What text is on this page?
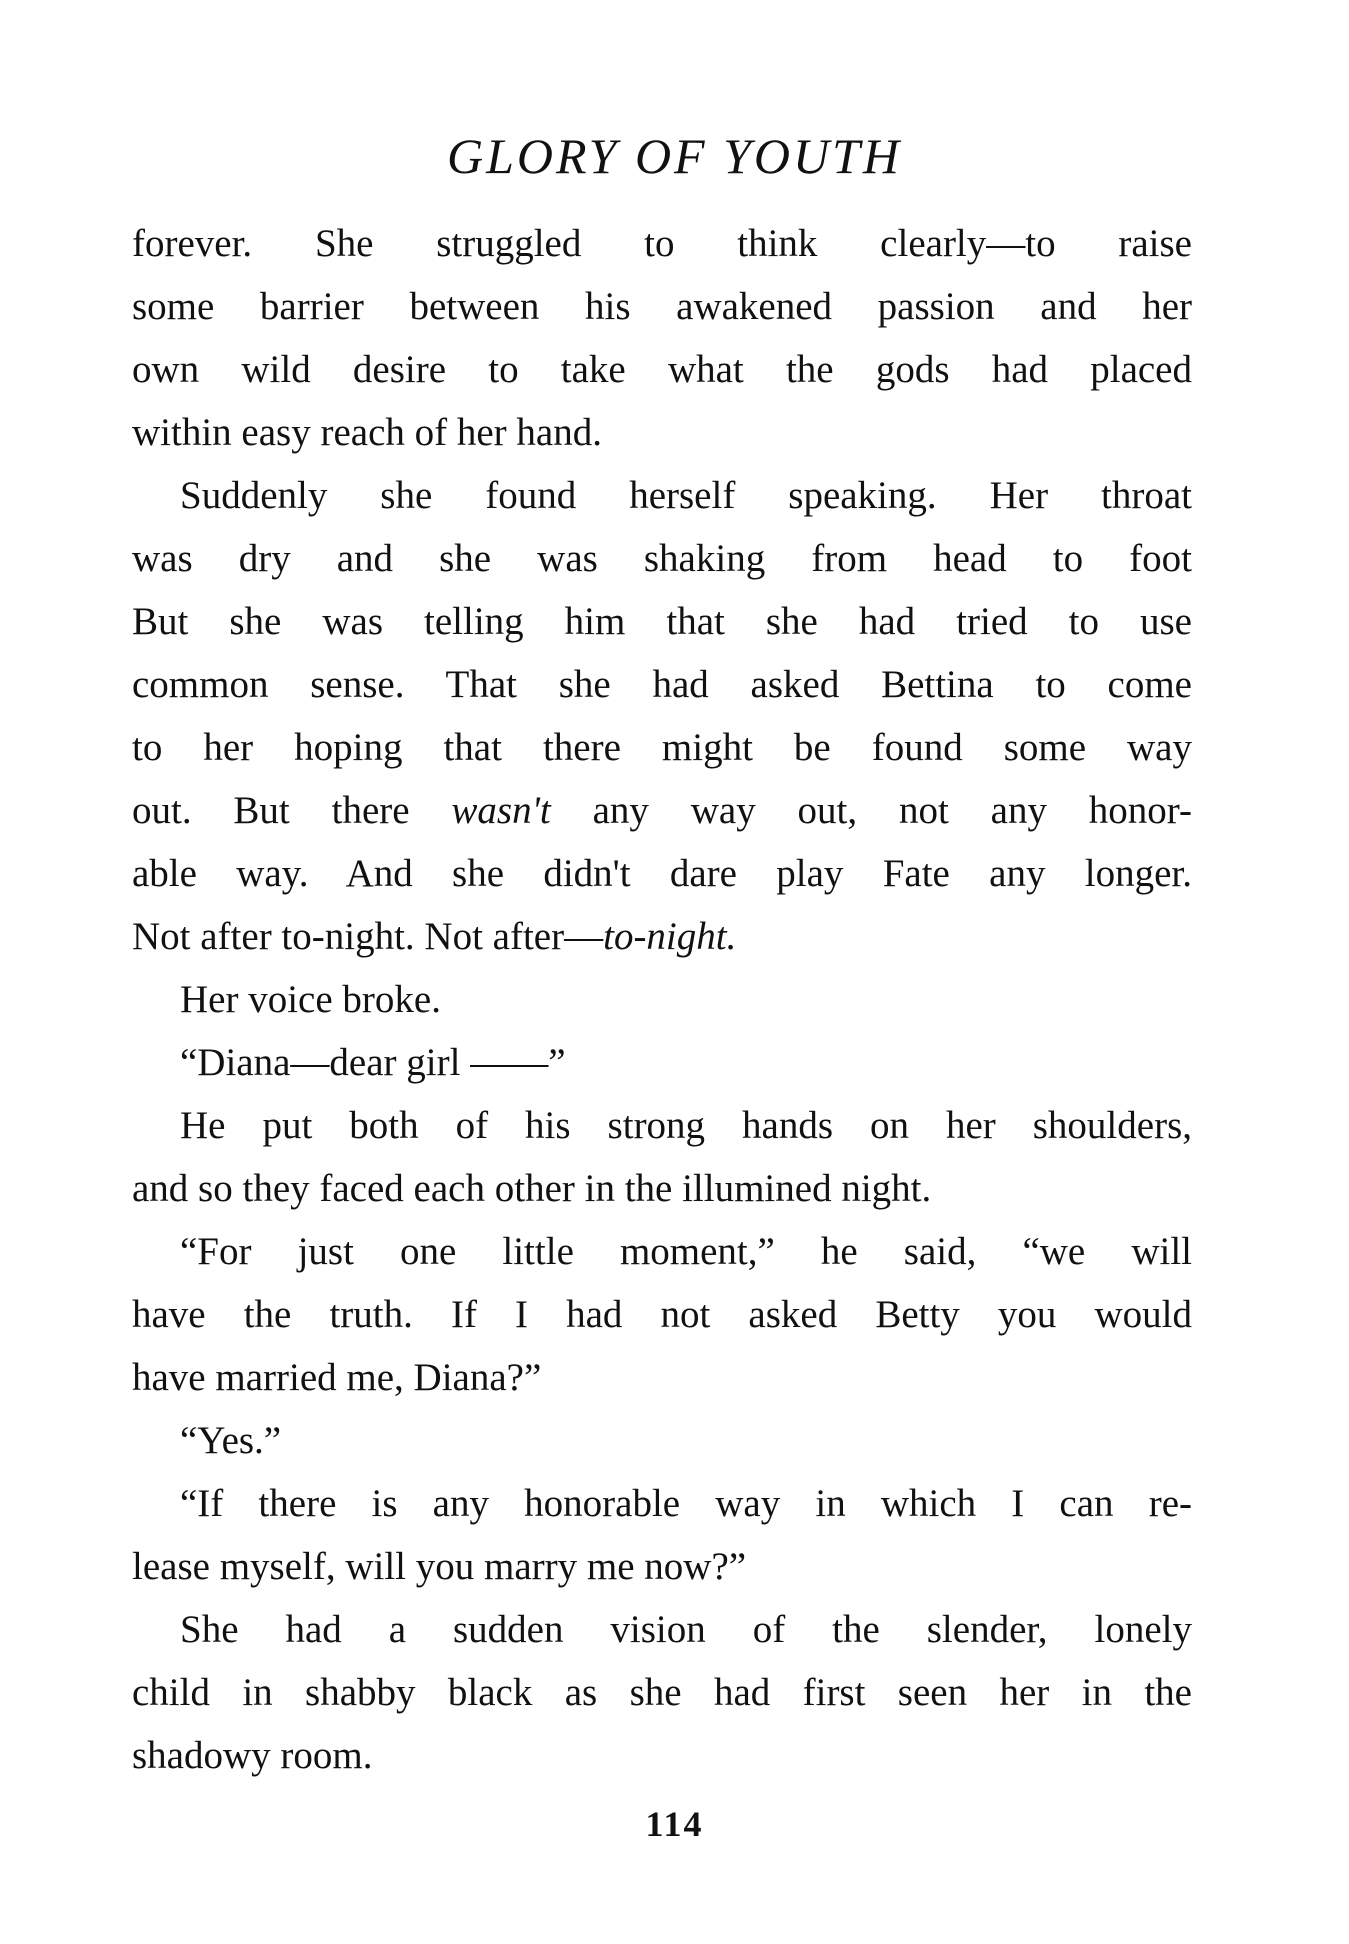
GLORY OF YOUTH
forever. She struggled to think clearly—to raise
some barrier between his awakened passion and her
own wild desire to take what the gods had placed
within easy reach of her hand.
Suddenly she found herself speaking. Her throat
was dry and she was shaking from head to foot
But she was telling him that she had tried to use
common sense. That she had asked Bettina to come
to her hoping that there might be found some way
out. But there wasn't any way out, not any honor-
able way. And she didn't dare play Fate any longer.
Not after to-night. Not after—to-night.
Her voice broke.
“Diana—dear girl ——”
He put both of his strong hands on her shoulders,
and so they faced each other in the illumined night.
“For just one little moment,” he said, “we will
have the truth. If I had not asked Betty you would
have married me, Diana?”
“Yes.”
“If there is any honorable way in which I can re-
lease myself, will you marry me now?”
She had a sudden vision of the slender, lonely
child in shabby black as she had first seen her in the
shadowy room.
114
